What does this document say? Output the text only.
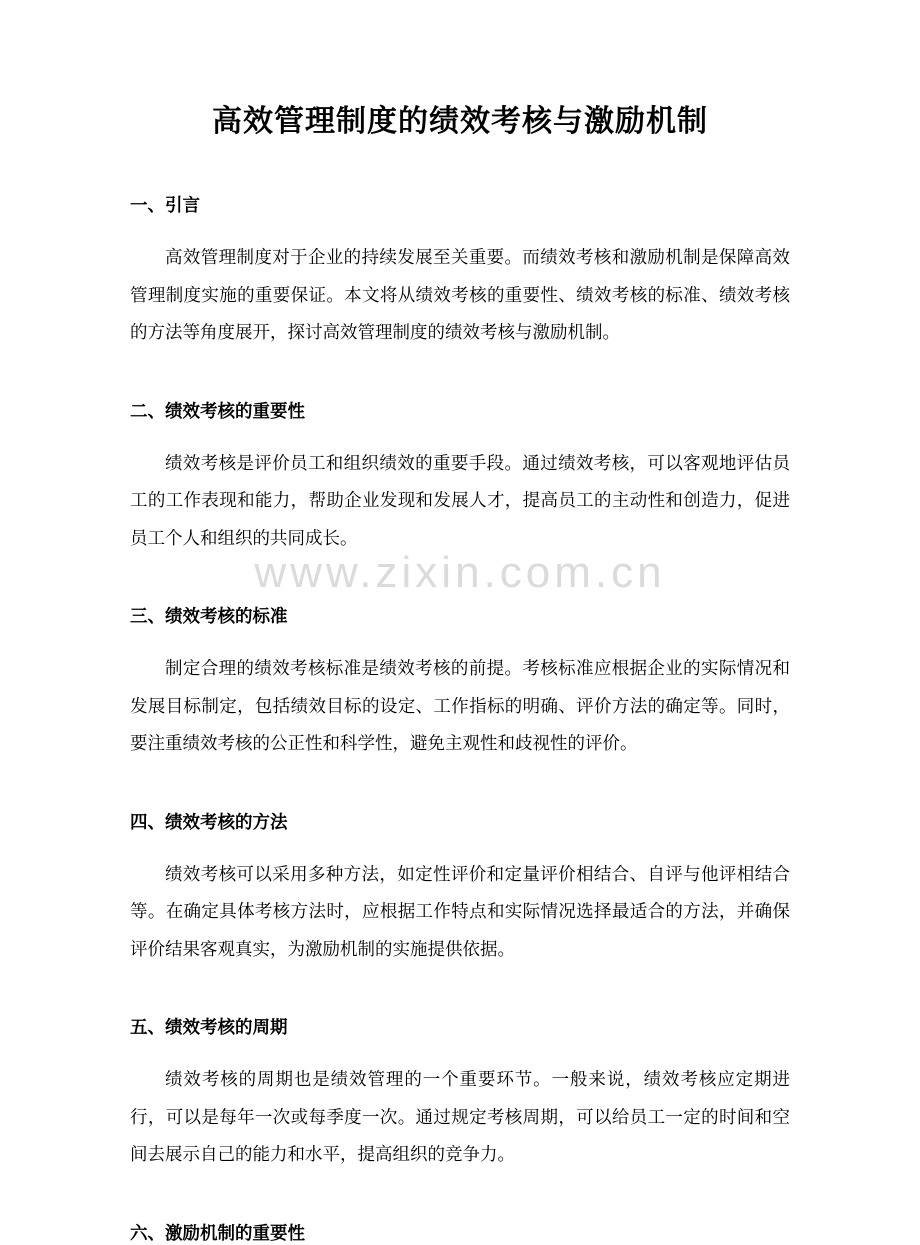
www.zixin.com.cn
高效管理制度的绩效考核与激励机制
一、引言

高效管理制度对于企业的持续发展至关重要。而绩效考核和激励机制是保障高效管理制度实施的重要保证。本文将从绩效考核的重要性、绩效考核的标准、绩效考核的方法等角度展开，探讨高效管理制度的绩效考核与激励机制。

二、绩效考核的重要性

绩效考核是评价员工和组织绩效的重要手段。通过绩效考核，可以客观地评估员工的工作表现和能力，帮助企业发现和发展人才，提高员工的主动性和创造力，促进员工个人和组织的共同成长。

三、绩效考核的标准

制定合理的绩效考核标准是绩效考核的前提。考核标准应根据企业的实际情况和发展目标制定，包括绩效目标的设定、工作指标的明确、评价方法的确定等。同时，要注重绩效考核的公正性和科学性，避免主观性和歧视性的评价。

四、绩效考核的方法

绩效考核可以采用多种方法，如定性评价和定量评价相结合、自评与他评相结合等。在确定具体考核方法时，应根据工作特点和实际情况选择最适合的方法，并确保评价结果客观真实，为激励机制的实施提供依据。

五、绩效考核的周期

绩效考核的周期也是绩效管理的一个重要环节。一般来说，绩效考核应定期进行，可以是每年一次或每季度一次。通过规定考核周期，可以给员工一定的时间和空间去展示自己的能力和水平，提高组织的竞争力。

六、激励机制的重要性
